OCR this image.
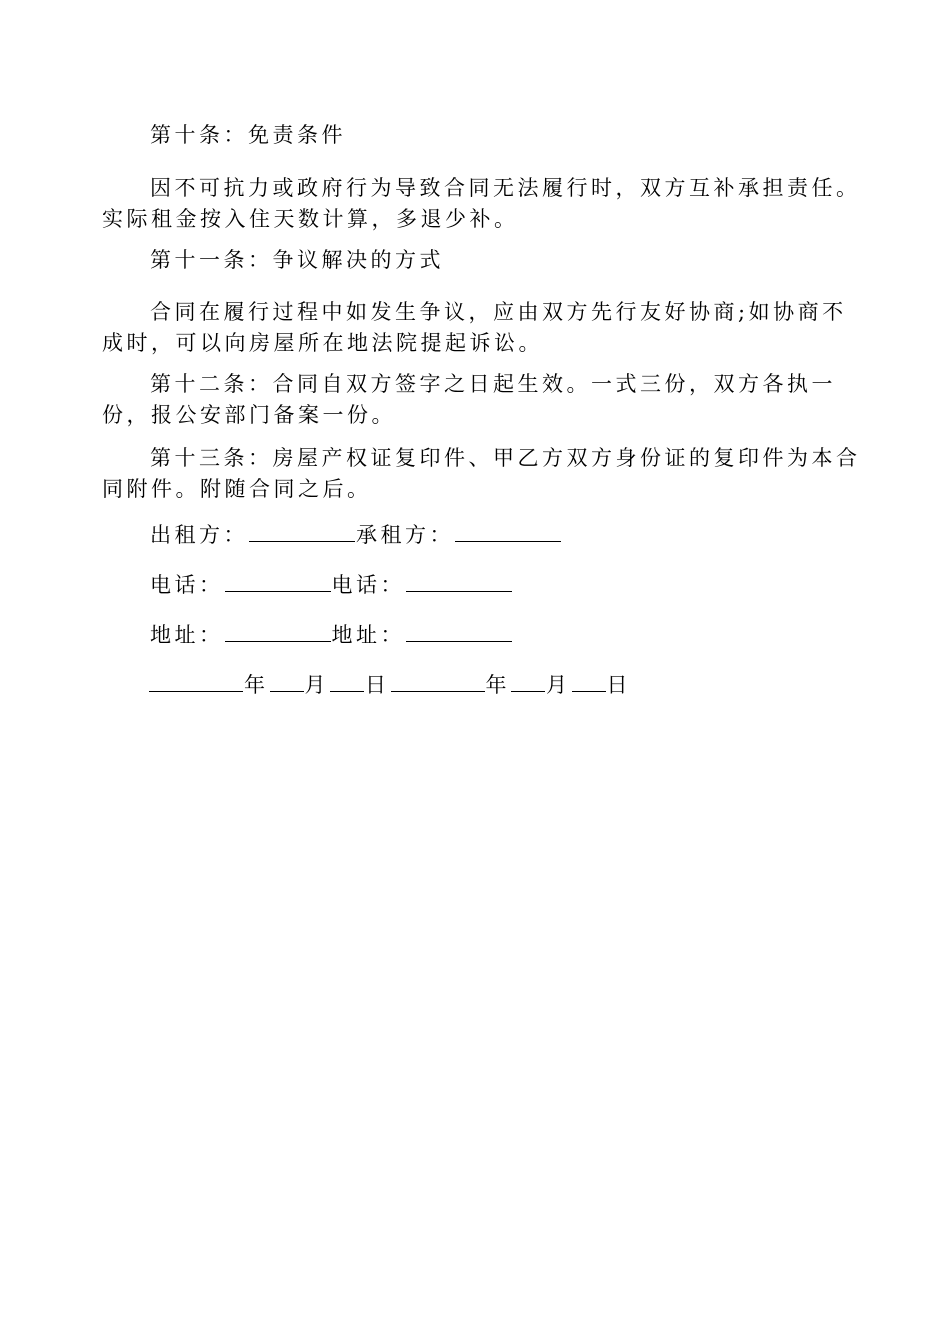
第十条：免责条件

因不可抗力或政府行为导致合同无法履行时，双方互补承担责任。实际租金按入住天数计算，多退少补。

第十一条：争议解决的方式

合同在履行过程中如发生争议，应由双方先行友好协商;如协商不成时，可以向房屋所在地法院提起诉讼。

第十二条：合同自双方签字之日起生效。一式三份，双方各执一份，报公安部门备案一份。

第十三条：房屋产权证复印件、甲乙方双方身份证的复印件为本合同附件。附随合同之后。

出租方：	承租方：
电话：	电话：
地址：	地址：
年 月 日	年 月 日
